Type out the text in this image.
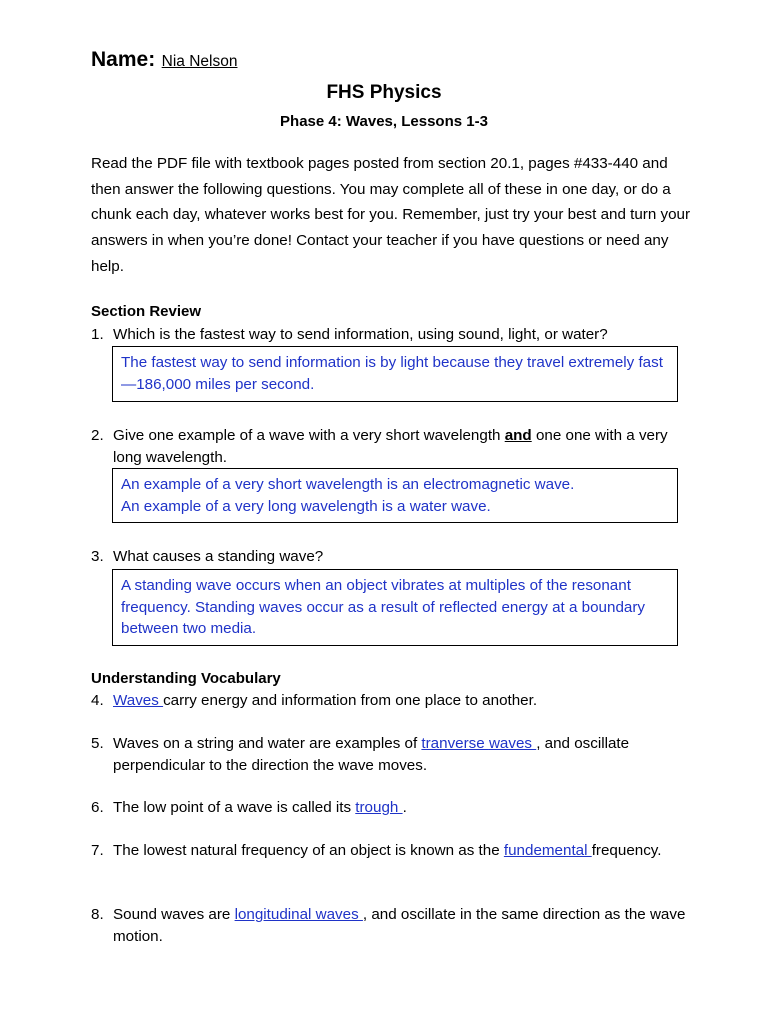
Name: Nia Nelson
FHS Physics
Phase 4: Waves, Lessons 1-3
Read the PDF file with textbook pages posted from section 20.1, pages #433-440 and then answer the following questions. You may complete all of these in one day, or do a chunk each day, whatever works best for you. Remember, just try your best and turn your answers in when you’re done! Contact your teacher if you have questions or need any help.
Section Review
1. Which is the fastest way to send information, using sound, light, or water?
The fastest way to send information is by light because they travel extremely fast—186,000 miles per second.
2. Give one example of a wave with a very short wavelength and one one with a very long wavelength.
An example of a very short wavelength is an electromagnetic wave.
An example of a very long wavelength is a water wave.
3. What causes a standing wave?
A standing wave occurs when an object vibrates at multiples of the resonant frequency. Standing waves occur as a result of reflected energy at a boundary between two media.
Understanding Vocabulary
4. Waves carry energy and information from one place to another.
5. Waves on a string and water are examples of tranverse waves , and oscillate perpendicular to the direction the wave moves.
6. The low point of a wave is called its trough .
7. The lowest natural frequency of an object is known as the fundemental frequency.
8. Sound waves are longitudinal waves , and oscillate in the same direction as the wave motion.
